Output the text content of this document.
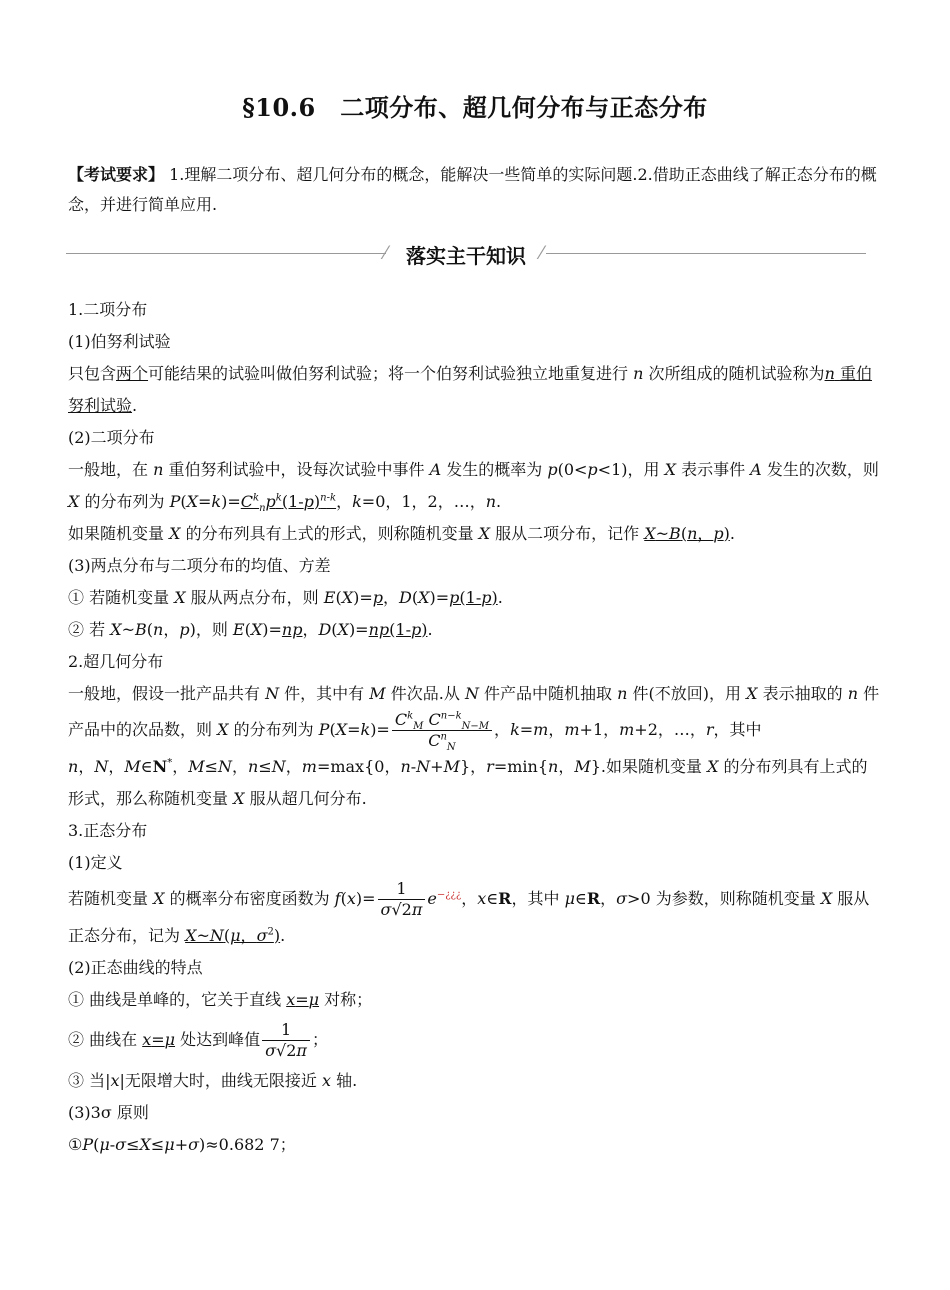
§10.6　二项分布、超几何分布与正态分布
【考试要求】 1.理解二项分布、超几何分布的概念，能解决一些简单的实际问题.2.借助正态曲线了解正态分布的概念，并进行简单应用.
⁄ 落实主干知识 ⁄

1.二项分布

(1)伯努利试验

只包含两个可能结果的试验叫做伯努利试验；将一个伯努利试验独立地重复进行 n 次所组成的随机试验称为n 重伯努利试验.

(2)二项分布

一般地，在 n 重伯努利试验中，设每次试验中事件 A 发生的概率为 p(0<p<1)，用 X 表示事件 A 发生的次数，则 X 的分布列为 $P(X=k)=C^k_np^k(1-p)^{n-k}$，k=0，1，2，…，n.

如果随机变量 X 的分布列具有上式的形式，则称随机变量 X 服从二项分布，记作 X~B(n，p).

(3)两点分布与二项分布的均值、方差

① 若随机变量 X 服从两点分布，则 E(X)=p，D(X)=p(1-p).

② 若 X~B(n，p)，则 E(X)=np，D(X)=np(1-p).

2.超几何分布

一般地，假设一批产品共有 N 件，其中有 M 件次品.从 N 件产品中随机抽取 n 件(不放回)，用 X 表示抽取的 n 件产品中的次品数，则 X 的分布列为 $P(X=k)= \frac{C^k_M C^{n-k}_{N-M}}{C^n_N}$ ，k=m，m+1，m+2，…，r，其中

n，N，M∈N*，M≤N，n≤N，m=max{0，n-N+M}，r=min{n，M}.如果随机变量 X 的分布列具有上式的形式，那么称随机变量 X 服从超几何分布.

3.正态分布

(1)定义

若随机变量 X 的概率分布密度函数为 $f(x)= \frac{1}{\sigma√2\pi} e^{-¿¿¿}$，x∈R，其中 μ∈R，σ>0 为参数，则称随机变量 X 服从正态分布，记为 X~N(μ，$\sigma^2$).

(2)正态曲线的特点

① 曲线是单峰的，它关于直线 x=μ 对称；

② 曲线在 x=μ 处达到峰值 $\frac{1}{\sigma√2\pi}$ ；

③ 当|x|无限增大时，曲线无限接近 x 轴.

(3)3σ 原则

①P(μ-σ≤X≤μ+σ)≈0.682 7；
